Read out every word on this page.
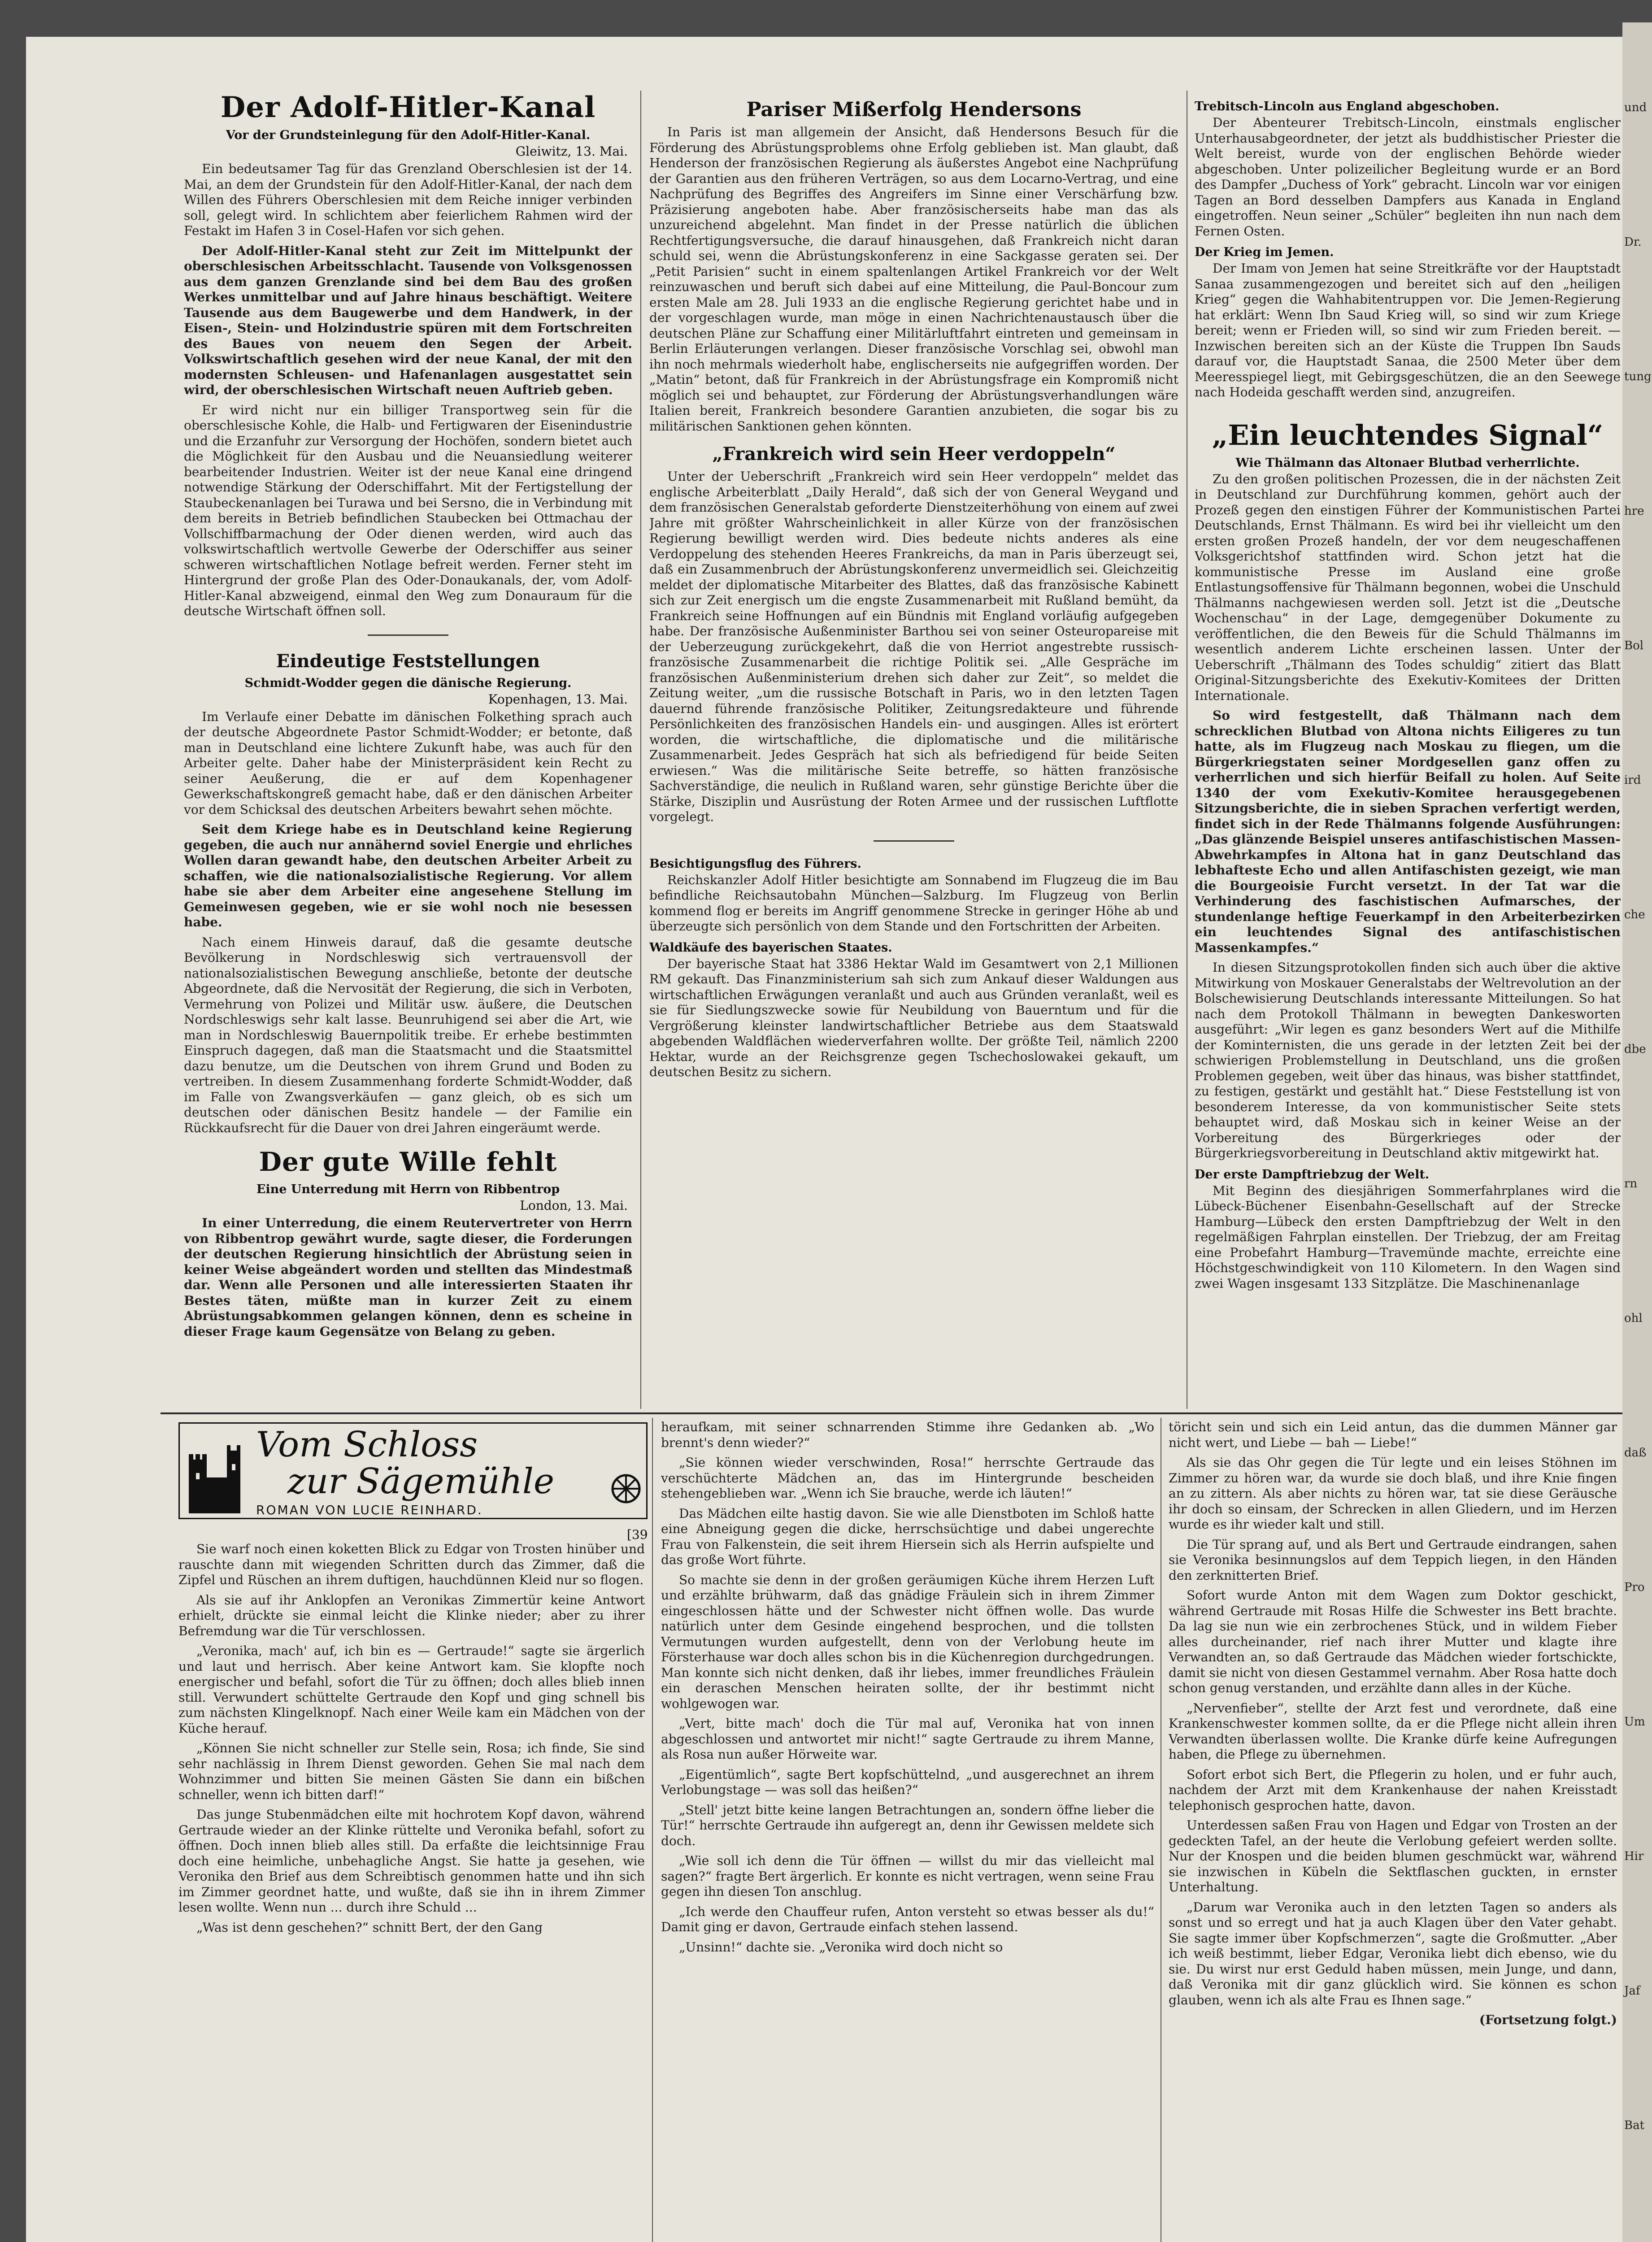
Der Adolf-Hitler-Kanal
Vor der Grundsteinlegung für den Adolf-Hitler-Kanal.
Gleiwitz, 13. Mai.

Ein bedeutsamer Tag für das Grenzland Oberschlesien ist der 14. Mai, an dem der Grundstein für den Adolf-Hitler-Kanal, der nach dem Willen des Führers Oberschlesien mit dem Reiche inniger verbinden soll, gelegt wird. In schlichtem aber feierlichem Rahmen wird der Festakt im Hafen 3 in Cosel-Hafen vor sich gehen.

Der Adolf-Hitler-Kanal steht zur Zeit im Mittelpunkt der oberschlesischen Arbeitsschlacht. Tausende von Volksgenossen aus dem ganzen Grenzlande sind bei dem Bau des großen Werkes unmittelbar und auf Jahre hinaus beschäftigt. Weitere Tausende aus dem Baugewerbe und dem Handwerk, in der Eisen-, Stein- und Holzindustrie spüren mit dem Fortschreiten des Baues von neuem den Segen der Arbeit. Volkswirtschaftlich gesehen wird der neue Kanal, der mit den modernsten Schleusen- und Hafenanlagen ausgestattet sein wird, der oberschlesischen Wirtschaft neuen Auftrieb geben.

Er wird nicht nur ein billiger Transportweg sein für die oberschlesische Kohle, die Halb- und Fertigwaren der Eisenindustrie und die Erzanfuhr zur Versorgung der Hochöfen, sondern bietet auch die Möglichkeit für den Ausbau und die Neuansiedlung weiterer bearbeitender Industrien. Weiter ist der neue Kanal eine dringend notwendige Stärkung der Oderschiffahrt. Mit der Fertigstellung der Staubeckenanlagen bei Turawa und bei Sersno, die in Verbindung mit dem bereits in Betrieb befindlichen Staubecken bei Ottmachau der Vollschiffbarmachung der Oder dienen werden, wird auch das volkswirtschaftlich wertvolle Gewerbe der Oderschiffer aus seiner schweren wirtschaftlichen Notlage befreit werden. Ferner steht im Hintergrund der große Plan des Oder-Donaukanals, der, vom Adolf-Hitler-Kanal abzweigend, einmal den Weg zum Donauraum für die deutsche Wirtschaft öffnen soll.

Eindeutige Feststellungen
Schmidt-Wodder gegen die dänische Regierung.
Kopenhagen, 13. Mai.

Im Verlaufe einer Debatte im dänischen Folkething sprach auch der deutsche Abgeordnete Pastor Schmidt-Wodder; er betonte, daß man in Deutschland eine lichtere Zukunft habe, was auch für den Arbeiter gelte. Daher habe der Ministerpräsident kein Recht zu seiner Aeußerung, die er auf dem Kopenhagener Gewerkschaftskongreß gemacht habe, daß er den dänischen Arbeiter vor dem Schicksal des deutschen Arbeiters bewahrt sehen möchte.

Seit dem Kriege habe es in Deutschland keine Regierung gegeben, die auch nur annähernd soviel Energie und ehrliches Wollen daran gewandt habe, den deutschen Arbeiter Arbeit zu schaffen, wie die nationalsozialistische Regierung. Vor allem habe sie aber dem Arbeiter eine angesehene Stellung im Gemeinwesen gegeben, wie er sie wohl noch nie besessen habe.

Nach einem Hinweis darauf, daß die gesamte deutsche Bevölkerung in Nordschleswig sich vertrauensvoll der nationalsozialistischen Bewegung anschließe, betonte der deutsche Abgeordnete, daß die Nervosität der Regierung, die sich in Verboten, Vermehrung von Polizei und Militär usw. äußere, die Deutschen Nordschleswigs sehr kalt lasse. Beunruhigend sei aber die Art, wie man in Nordschleswig Bauernpolitik treibe. Er erhebe bestimmten Einspruch dagegen, daß man die Staatsmacht und die Staatsmittel dazu benutze, um die Deutschen von ihrem Grund und Boden zu vertreiben. In diesem Zusammenhang forderte Schmidt-Wodder, daß im Falle von Zwangsverkäufen — ganz gleich, ob es sich um deutschen oder dänischen Besitz handele — der Familie ein Rückkaufsrecht für die Dauer von drei Jahren eingeräumt werde.

Der gute Wille fehlt
Eine Unterredung mit Herrn von Ribbentrop
London, 13. Mai.

In einer Unterredung, die einem Reutervertreter von Herrn von Ribbentrop gewährt wurde, sagte dieser, die Forderungen der deutschen Regierung hinsichtlich der Abrüstung seien in keiner Weise abgeändert worden und stellten das Mindestmaß dar. Wenn alle Personen und alle interessierten Staaten ihr Bestes täten, müßte man in kurzer Zeit zu einem Abrüstungsabkommen gelangen können, denn es scheine in dieser Frage kaum Gegensätze von Belang zu geben.

Pariser Mißerfolg Hendersons

In Paris ist man allgemein der Ansicht, daß Hendersons Besuch für die Förderung des Abrüstungsproblems ohne Erfolg geblieben ist. Man glaubt, daß Henderson der französischen Regierung als äußerstes Angebot eine Nachprüfung der Garantien aus den früheren Verträgen, so aus dem Locarno-Vertrag, und eine Nachprüfung des Begriffes des Angreifers im Sinne einer Verschärfung bzw. Präzisierung angeboten habe. Aber französischerseits habe man das als unzureichend abgelehnt. Man findet in der Presse natürlich die üblichen Rechtfertigungsversuche, die darauf hinausgehen, daß Frankreich nicht daran schuld sei, wenn die Abrüstungskonferenz in eine Sackgasse geraten sei. Der „Petit Parisien“ sucht in einem spaltenlangen Artikel Frankreich vor der Welt reinzuwaschen und beruft sich dabei auf eine Mitteilung, die Paul-Boncour zum ersten Male am 28. Juli 1933 an die englische Regierung gerichtet habe und in der vorgeschlagen wurde, man möge in einen Nachrichtenaustausch über die deutschen Pläne zur Schaffung einer Militärluftfahrt eintreten und gemeinsam in Berlin Erläuterungen verlangen. Dieser französische Vorschlag sei, obwohl man ihn noch mehrmals wiederholt habe, englischerseits nie aufgegriffen worden. Der „Matin“ betont, daß für Frankreich in der Abrüstungsfrage ein Kompromiß nicht möglich sei und behauptet, zur Förderung der Abrüstungsverhandlungen wäre Italien bereit, Frankreich besondere Garantien anzubieten, die sogar bis zu militärischen Sanktionen gehen könnten.

„Frankreich wird sein Heer verdoppeln“

Unter der Ueberschrift „Frankreich wird sein Heer verdoppeln“ meldet das englische Arbeiterblatt „Daily Herald“, daß sich der von General Weygand und dem französischen Generalstab geforderte Dienstzeiterhöhung von einem auf zwei Jahre mit größter Wahrscheinlichkeit in aller Kürze von der französischen Regierung bewilligt werden wird. Dies bedeute nichts anderes als eine Verdoppelung des stehenden Heeres Frankreichs, da man in Paris überzeugt sei, daß ein Zusammenbruch der Abrüstungskonferenz unvermeidlich sei. Gleichzeitig meldet der diplomatische Mitarbeiter des Blattes, daß das französische Kabinett sich zur Zeit energisch um die engste Zusammenarbeit mit Rußland bemüht, da Frankreich seine Hoffnungen auf ein Bündnis mit England vorläufig aufgegeben habe. Der französische Außenminister Barthou sei von seiner Osteuropareise mit der Ueberzeugung zurückgekehrt, daß die von Herriot angestrebte russisch-französische Zusammenarbeit die richtige Politik sei. „Alle Gespräche im französischen Außenministerium drehen sich daher zur Zeit“, so meldet die Zeitung weiter, „um die russische Botschaft in Paris, wo in den letzten Tagen dauernd führende französische Politiker, Zeitungsredakteure und führende Persönlichkeiten des französischen Handels ein- und ausgingen. Alles ist erörtert worden, die wirtschaftliche, die diplomatische und die militärische Zusammenarbeit. Jedes Gespräch hat sich als befriedigend für beide Seiten erwiesen.“ Was die militärische Seite betreffe, so hätten französische Sachverständige, die neulich in Rußland waren, sehr günstige Berichte über die Stärke, Disziplin und Ausrüstung der Roten Armee und der russischen Luftflotte vorgelegt.

Besichtigungsflug des Führers.

Reichskanzler Adolf Hitler besichtigte am Sonnabend im Flugzeug die im Bau befindliche Reichsautobahn München—Salzburg. Im Flugzeug von Berlin kommend flog er bereits im Angriff genommene Strecke in geringer Höhe ab und überzeugte sich persönlich von dem Stande und den Fortschritten der Arbeiten.

Waldkäufe des bayerischen Staates.

Der bayerische Staat hat 3386 Hektar Wald im Gesamtwert von 2,1 Millionen RM gekauft. Das Finanzministerium sah sich zum Ankauf dieser Waldungen aus wirtschaftlichen Erwägungen veranlaßt und auch aus Gründen veranlaßt, weil es sie für Siedlungszwecke sowie für Neubildung von Bauerntum und für die Vergrößerung kleinster landwirtschaftlicher Betriebe aus dem Staatswald abgebenden Waldflächen wiederverfahren wollte. Der größte Teil, nämlich 2200 Hektar, wurde an der Reichsgrenze gegen Tschechoslowakei gekauft, um deutschen Besitz zu sichern.

Trebitsch-Lincoln aus England abgeschoben.

Der Abenteurer Trebitsch-Lincoln, einstmals englischer Unterhausabgeordneter, der jetzt als buddhistischer Priester die Welt bereist, wurde von der englischen Behörde wieder abgeschoben. Unter polizeilicher Begleitung wurde er an Bord des Dampfer „Duchess of York“ gebracht. Lincoln war vor einigen Tagen an Bord desselben Dampfers aus Kanada in England eingetroffen. Neun seiner „Schüler“ begleiten ihn nun nach dem Fernen Osten.

Der Krieg im Jemen.

Der Imam von Jemen hat seine Streitkräfte vor der Hauptstadt Sanaa zusammengezogen und bereitet sich auf den „heiligen Krieg“ gegen die Wahhabitentruppen vor. Die Jemen-Regierung hat erklärt: Wenn Ibn Saud Krieg will, so sind wir zum Kriege bereit; wenn er Frieden will, so sind wir zum Frieden bereit. — Inzwischen bereiten sich an der Küste die Truppen Ibn Sauds darauf vor, die Hauptstadt Sanaa, die 2500 Meter über dem Meeresspiegel liegt, mit Gebirgsgeschützen, die an den Seewege nach Hodeida geschafft werden sind, anzugreifen.

„Ein leuchtendes Signal“
Wie Thälmann das Altonaer Blutbad verherrlichte.

Zu den großen politischen Prozessen, die in der nächsten Zeit in Deutschland zur Durchführung kommen, gehört auch der Prozeß gegen den einstigen Führer der Kommunistischen Partei Deutschlands, Ernst Thälmann. Es wird bei ihr vielleicht um den ersten großen Prozeß handeln, der vor dem neugeschaffenen Volksgerichtshof stattfinden wird. Schon jetzt hat die kommunistische Presse im Ausland eine große Entlastungsoffensive für Thälmann begonnen, wobei die Unschuld Thälmanns nachgewiesen werden soll. Jetzt ist die „Deutsche Wochenschau“ in der Lage, demgegenüber Dokumente zu veröffentlichen, die den Beweis für die Schuld Thälmanns im wesentlich anderem Lichte erscheinen lassen. Unter der Ueberschrift „Thälmann des Todes schuldig“ zitiert das Blatt Original-Sitzungsberichte des Exekutiv-Komitees der Dritten Internationale.

So wird festgestellt, daß Thälmann nach dem schrecklichen Blutbad von Altona nichts Eiligeres zu tun hatte, als im Flugzeug nach Moskau zu fliegen, um die Bürgerkriegstaten seiner Mordgesellen ganz offen zu verherrlichen und sich hierfür Beifall zu holen. Auf Seite 1340 der vom Exekutiv-Komitee herausgegebenen Sitzungsberichte, die in sieben Sprachen verfertigt werden, findet sich in der Rede Thälmanns folgende Ausführungen: „Das glänzende Beispiel unseres antifaschistischen Massen-Abwehrkampfes in Altona hat in ganz Deutschland das lebhafteste Echo und allen Antifaschisten gezeigt, wie man die Bourgeoisie Furcht versetzt. In der Tat war die Verhinderung des faschistischen Aufmarsches, der stundenlange heftige Feuerkampf in den Arbeiterbezirken ein leuchtendes Signal des antifaschistischen Massenkampfes.“

In diesen Sitzungsprotokollen finden sich auch über die aktive Mitwirkung von Moskauer Generalstabs der Weltrevolution an der Bolschewisierung Deutschlands interessante Mitteilungen. So hat nach dem Protokoll Thälmann in bewegten Dankesworten ausgeführt: „Wir legen es ganz besonders Wert auf die Mithilfe der Kominternisten, die uns gerade in der letzten Zeit bei der schwierigen Problemstellung in Deutschland, uns die großen Problemen gegeben, weit über das hinaus, was bisher stattfindet, zu festigen, gestärkt und gestählt hat.“ Diese Feststellung ist von besonderem Interesse, da von kommunistischer Seite stets behauptet wird, daß Moskau sich in keiner Weise an der Vorbereitung des Bürgerkrieges oder der Bürgerkriegsvorbereitung in Deutschland aktiv mitgewirkt hat.

Der erste Dampftriebzug der Welt.

Mit Beginn des diesjährigen Sommerfahrplanes wird die Lübeck-Büchener Eisenbahn-Gesellschaft auf der Strecke Hamburg—Lübeck den ersten Dampftriebzug der Welt in den regelmäßigen Fahrplan einstellen. Der Triebzug, der am Freitag eine Probefahrt Hamburg—Travemünde machte, erreichte eine Höchstgeschwindigkeit von 110 Kilometern. In den Wagen sind zwei Wagen insgesamt 133 Sitzplätze. Die Maschinenanlage

Vom Schloss
zur Sägemühle
ROMAN VON LUCIE REINHARD.
[39

Sie warf noch einen koketten Blick zu Edgar von Trosten hinüber und rauschte dann mit wiegenden Schritten durch das Zimmer, daß die Zipfel und Rüschen an ihrem duftigen, hauchdünnen Kleid nur so flogen.

Als sie auf ihr Anklopfen an Veronikas Zimmertür keine Antwort erhielt, drückte sie einmal leicht die Klinke nieder; aber zu ihrer Befremdung war die Tür verschlossen.

„Veronika, mach' auf, ich bin es — Gertraude!“ sagte sie ärgerlich und laut und herrisch. Aber keine Antwort kam. Sie klopfte noch energischer und befahl, sofort die Tür zu öffnen; doch alles blieb innen still. Verwundert schüttelte Gertraude den Kopf und ging schnell bis zum nächsten Klingelknopf. Nach einer Weile kam ein Mädchen von der Küche herauf.

„Können Sie nicht schneller zur Stelle sein, Rosa; ich finde, Sie sind sehr nachlässig in Ihrem Dienst geworden. Gehen Sie mal nach dem Wohnzimmer und bitten Sie meinen Gästen Sie dann ein bißchen schneller, wenn ich bitten darf!“

Das junge Stubenmädchen eilte mit hochrotem Kopf davon, während Gertraude wieder an der Klinke rüttelte und Veronika befahl, sofort zu öffnen. Doch innen blieb alles still. Da erfaßte die leichtsinnige Frau doch eine heimliche, unbehagliche Angst. Sie hatte ja gesehen, wie Veronika den Brief aus dem Schreibtisch genommen hatte und ihn sich im Zimmer geordnet hatte, und wußte, daß sie ihn in ihrem Zimmer lesen wollte. Wenn nun ... durch ihre Schuld ...

„Was ist denn geschehen?“ schnitt Bert, der den Gang

heraufkam, mit seiner schnarrenden Stimme ihre Gedanken ab. „Wo brennt's denn wieder?“

„Sie können wieder verschwinden, Rosa!“ herrschte Gertraude das verschüchterte Mädchen an, das im Hintergrunde bescheiden stehengeblieben war. „Wenn ich Sie brauche, werde ich läuten!“

Das Mädchen eilte hastig davon. Sie wie alle Dienstboten im Schloß hatte eine Abneigung gegen die dicke, herrschsüchtige und dabei ungerechte Frau von Falkenstein, die seit ihrem Hiersein sich als Herrin aufspielte und das große Wort führte.

So machte sie denn in der großen geräumigen Küche ihrem Herzen Luft und erzählte brühwarm, daß das gnädige Fräulein sich in ihrem Zimmer eingeschlossen hätte und der Schwester nicht öffnen wolle. Das wurde natürlich unter dem Gesinde eingehend besprochen, und die tollsten Vermutungen wurden aufgestellt, denn von der Verlobung heute im Försterhause war doch alles schon bis in die Küchenregion durchgedrungen. Man konnte sich nicht denken, daß ihr liebes, immer freundliches Fräulein ein deraschen Menschen heiraten sollte, der ihr bestimmt nicht wohlgewogen war.

„Vert, bitte mach' doch die Tür mal auf, Veronika hat von innen abgeschlossen und antwortet mir nicht!“ sagte Gertraude zu ihrem Manne, als Rosa nun außer Hörweite war.

„Eigentümlich“, sagte Bert kopfschüttelnd, „und ausgerechnet an ihrem Verlobungstage — was soll das heißen?“

„Stell' jetzt bitte keine langen Betrachtungen an, sondern öffne lieber die Tür!“ herrschte Gertraude ihn aufgeregt an, denn ihr Gewissen meldete sich doch.

„Wie soll ich denn die Tür öffnen — willst du mir das vielleicht mal sagen?“ fragte Bert ärgerlich. Er konnte es nicht vertragen, wenn seine Frau gegen ihn diesen Ton anschlug.

„Ich werde den Chauffeur rufen, Anton versteht so etwas besser als du!“ Damit ging er davon, Gertraude einfach stehen lassend.

„Unsinn!“ dachte sie. „Veronika wird doch nicht so

töricht sein und sich ein Leid antun, das die dummen Männer gar nicht wert, und Liebe — bah — Liebe!“

Als sie das Ohr gegen die Tür legte und ein leises Stöhnen im Zimmer zu hören war, da wurde sie doch blaß, und ihre Knie fingen an zu zittern. Als aber nichts zu hören war, tat sie diese Geräusche ihr doch so einsam, der Schrecken in allen Gliedern, und im Herzen wurde es ihr wieder kalt und still.

Die Tür sprang auf, und als Bert und Gertraude eindrangen, sahen sie Veronika besinnungslos auf dem Teppich liegen, in den Händen den zerknitterten Brief.

Sofort wurde Anton mit dem Wagen zum Doktor geschickt, während Gertraude mit Rosas Hilfe die Schwester ins Bett brachte. Da lag sie nun wie ein zerbrochenes Stück, und in wildem Fieber alles durcheinander, rief nach ihrer Mutter und klagte ihre Verwandten an, so daß Gertraude das Mädchen wieder fortschickte, damit sie nicht von diesen Gestammel vernahm. Aber Rosa hatte doch schon genug verstanden, und erzählte dann alles in der Küche.

„Nervenfieber“, stellte der Arzt fest und verordnete, daß eine Krankenschwester kommen sollte, da er die Pflege nicht allein ihren Verwandten überlassen wollte. Die Kranke dürfe keine Aufregungen haben, die Pflege zu übernehmen.

Sofort erbot sich Bert, die Pflegerin zu holen, und er fuhr auch, nachdem der Arzt mit dem Krankenhause der nahen Kreisstadt telephonisch gesprochen hatte, davon.

Unterdessen saßen Frau von Hagen und Edgar von Trosten an der gedeckten Tafel, an der heute die Verlobung gefeiert werden sollte. Nur der Knospen und die beiden blumen geschmückt war, während sie inzwischen in Kübeln die Sektflaschen guckten, in ernster Unterhaltung.

„Darum war Veronika auch in den letzten Tagen so anders als sonst und so erregt und hat ja auch Klagen über den Vater gehabt. Sie sagte immer über Kopfschmerzen“, sagte die Großmutter. „Aber ich weiß bestimmt, lieber Edgar, Veronika liebt dich ebenso, wie du sie. Du wirst nur erst Geduld haben müssen, mein Junge, und dann, daß Veronika mit dir ganz glücklich wird. Sie können es schon glauben, wenn ich als alte Frau es Ihnen sage.“

(Fortsetzung folgt.)

und
Dr.
tung
hre
Bol
ird
che
dbe
rn
ohl
daß
Pro
Um
Hir
Jaf
Bat
